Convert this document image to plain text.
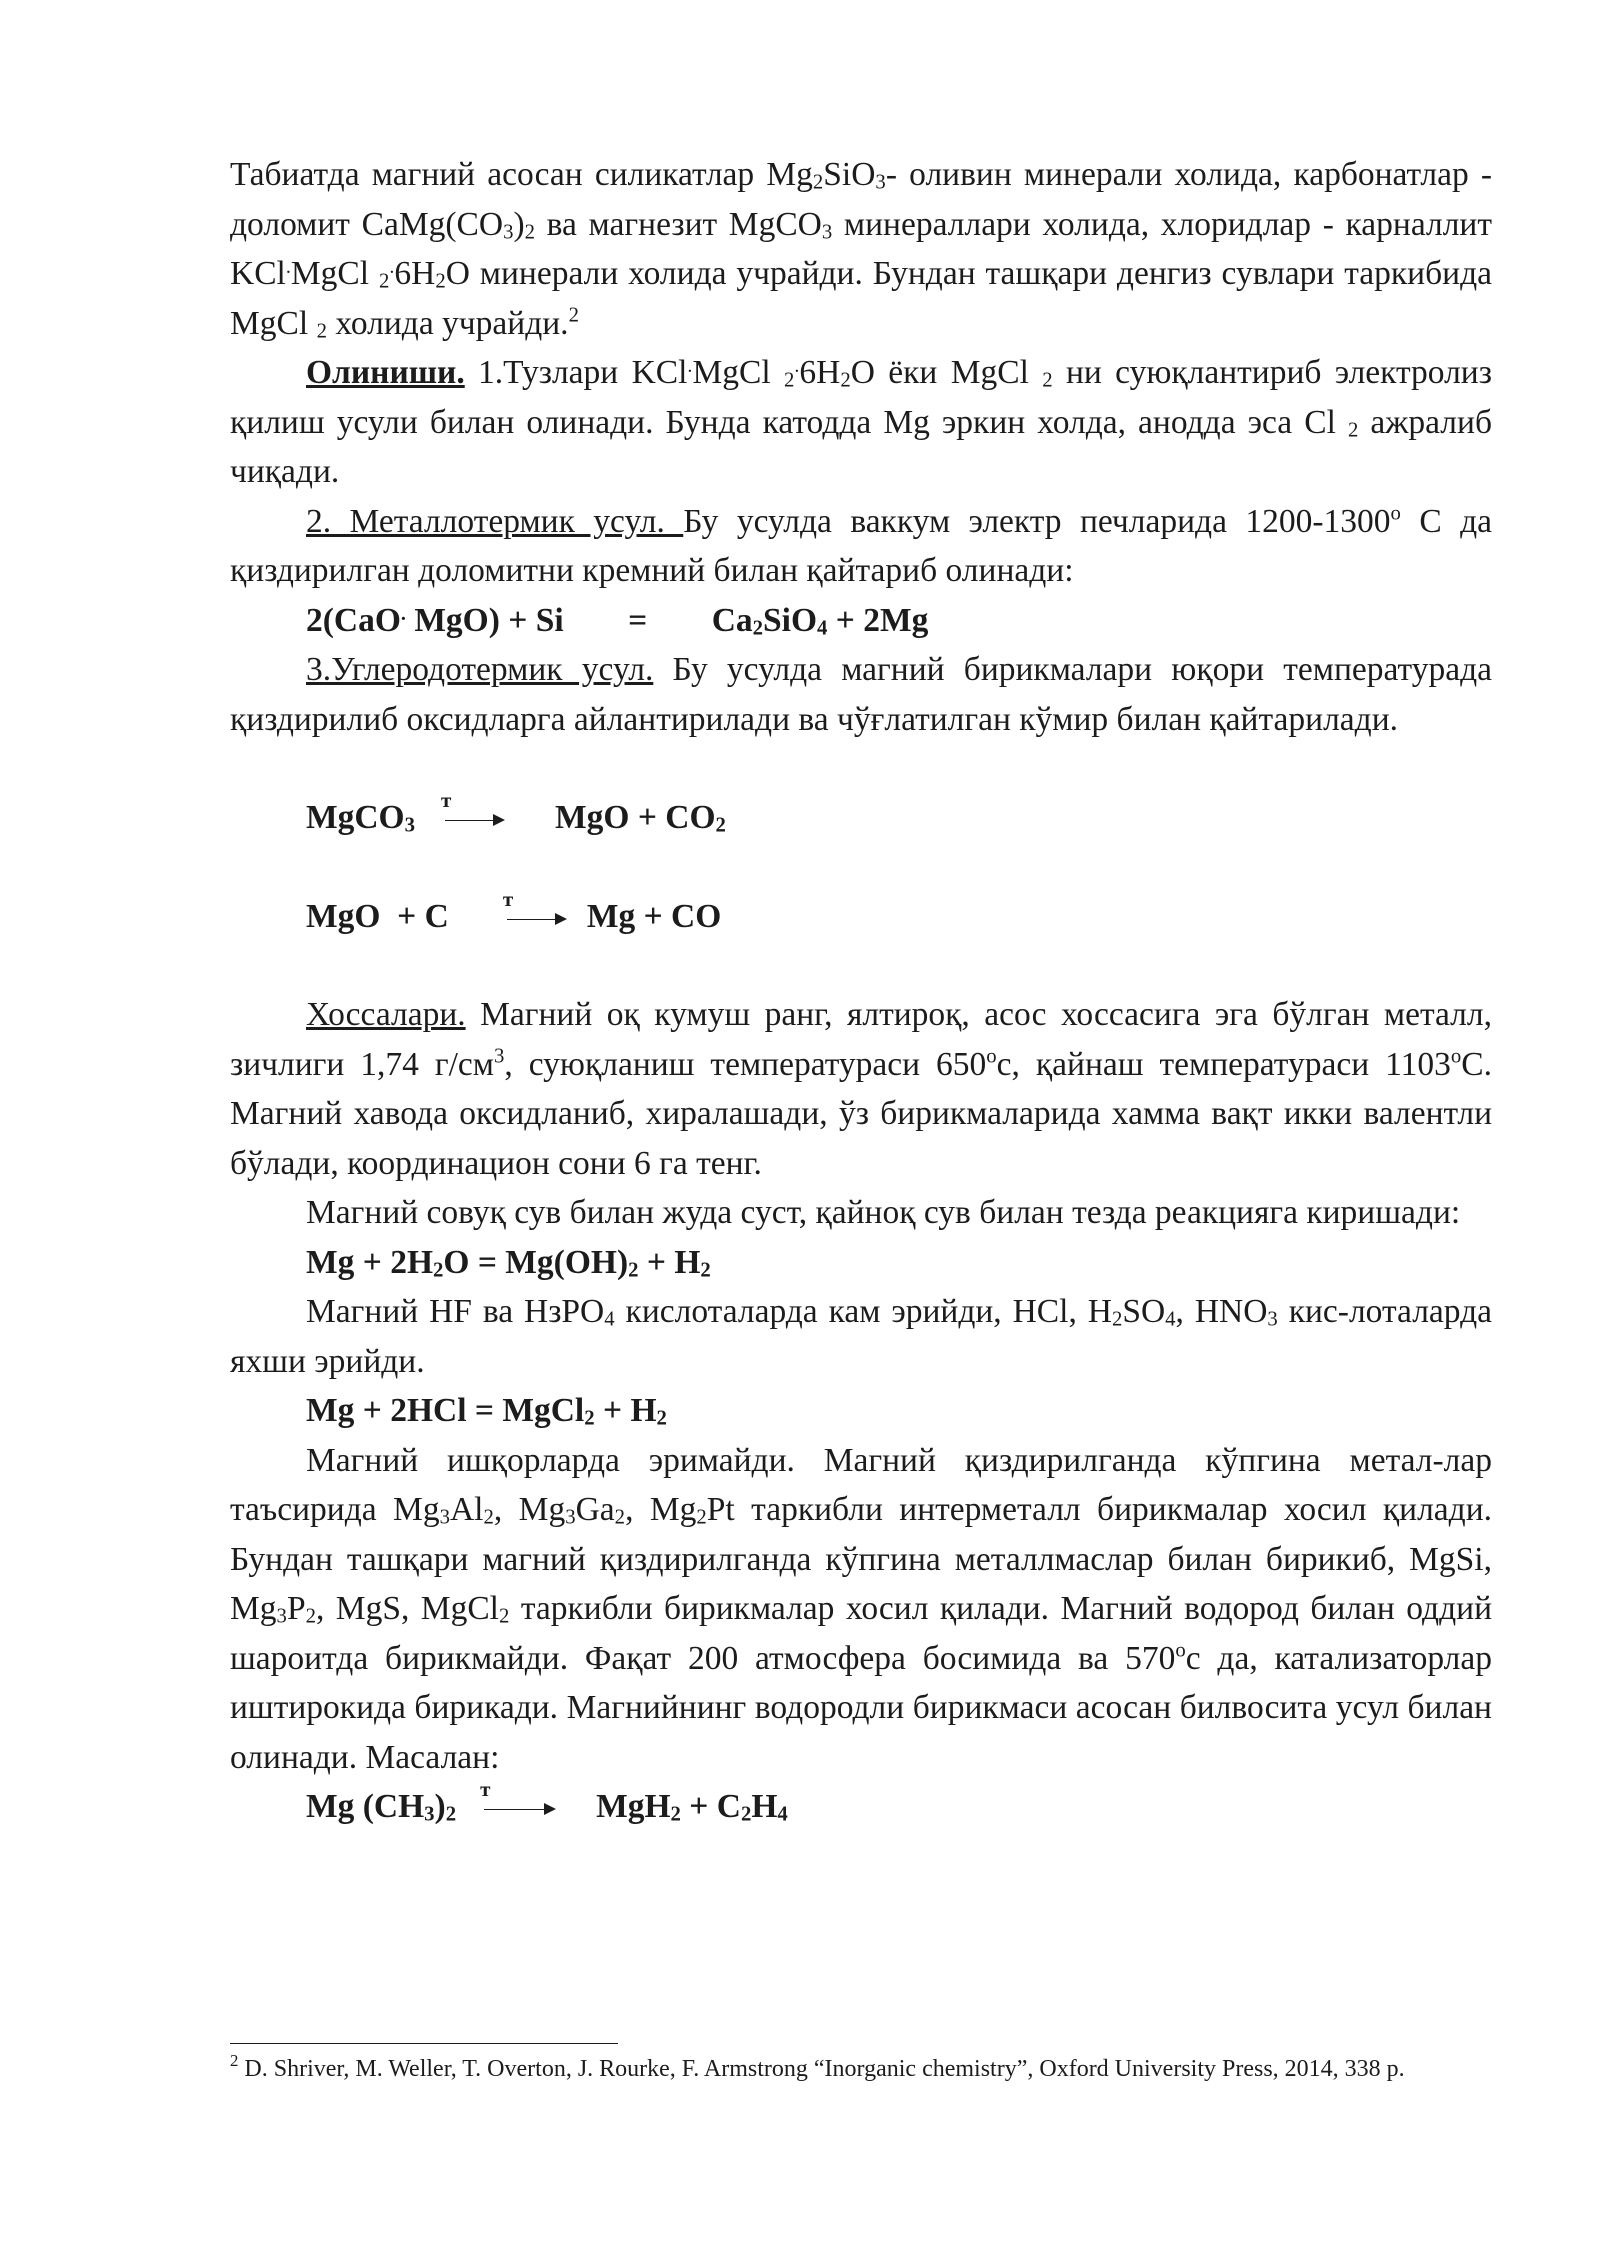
Табиатда магний асосан силикатлар $Mg_2SiO_3-$ оливин минерали холида, карбонатлар - доломит $CaMg(CO_3)_2$ ва магнезит MgCO$_3$ минераллари холида, хлоридлар - карналлит KCl.MgCl $_2^.6H_2O$ минерали холида учрайди. Бундан ташқари денгиз сувлари таркибида MgCl $_2$ холида учрайди.$^2$

Олиниши. 1.Тузлари KCl.MgCl $_2^.6H_2O$ ёки MgCl $_2$ ни суюқлантириб электролиз қилиш усули билан олинади. Бунда катодда Mg эркин холда, анодда эса Cl $_2$ ажралиб чиқади.

2. Металлотермик усул. Бу усулда ваккум электр печларида $1200-1300^о$ С да қиздирилган доломитни кремний билан қайтариб олинади:

2(CaO. $MgO) + Si = Ca_2SiO_4 + 2Mg$

3.Углеродотермик усул. Бу усулда магний бирикмалари юқори температурада қиздирилиб оксидларга айлантирилади ва чўғлатилган кўмир билан қайтарилади.

MgCO$_3$
т	MgO + $CO_2$

MgO  + C	т Mg + CO

Хоссалари. Магний оқ кумуш ранг, ялтироқ, асос хоссасига эга бўлган металл, зичлиги 1,74 $г/см^3$, суюқланиш температураси $650^ос$, қайнаш температураси $1103^оС$. Магний хавода оксидланиб, хиралашади, ўз бирикмаларида хамма вақт икки валентли бўлади, координацион сони 6 га тенг.

Магний совуқ сув билан жуда суст, қайноқ сув билан тезда реакцияга киришади:

$Mg + 2H_2O = Mg(OH)_2 + H_2$

Магний HF ва HзPO$_4$ кислоталарда кам эрийди, HCl, $H_2SO_4$, $HNO_3$ кис-лоталарда яхши эрийди.

Mg + 2HCl = MgCl$_2$ + $H_2$

Магний ишқорларда эримайди. Магний қиздирилганда кўпгина метал-лар таъсирида $Mg_3Al_2$, $Mg_3Ga_2$, $Mg_2Pt$ таркибли интерметалл бирикмалар хосил қилади. Бундан ташқари магний қиздирилганда кўпгина металлмаслар билан бирикиб, MgSi, $Mg_3P_2$, MgS, MgCl$_2$ таркибли бирикмалар хосил қилади. Магний водород билан оддий шароитда бирикмайди. Фақат 200 атмосфера босимида ва $570^ос$ да, катализаторлар иштирокида бирикади. Магнийнинг водородли бирикмаси асосан билвосита усул билан олинади. Масалан:

Mg $(CH_3)_2$
т	$MgH_2 + C_2H_4$

$^2$ D. Shriver, M. Weller, T. Overton, J. Rourke, F. Armstrong “Inorganic chemistry”, Oxford University Press, 2014, 338 p.
